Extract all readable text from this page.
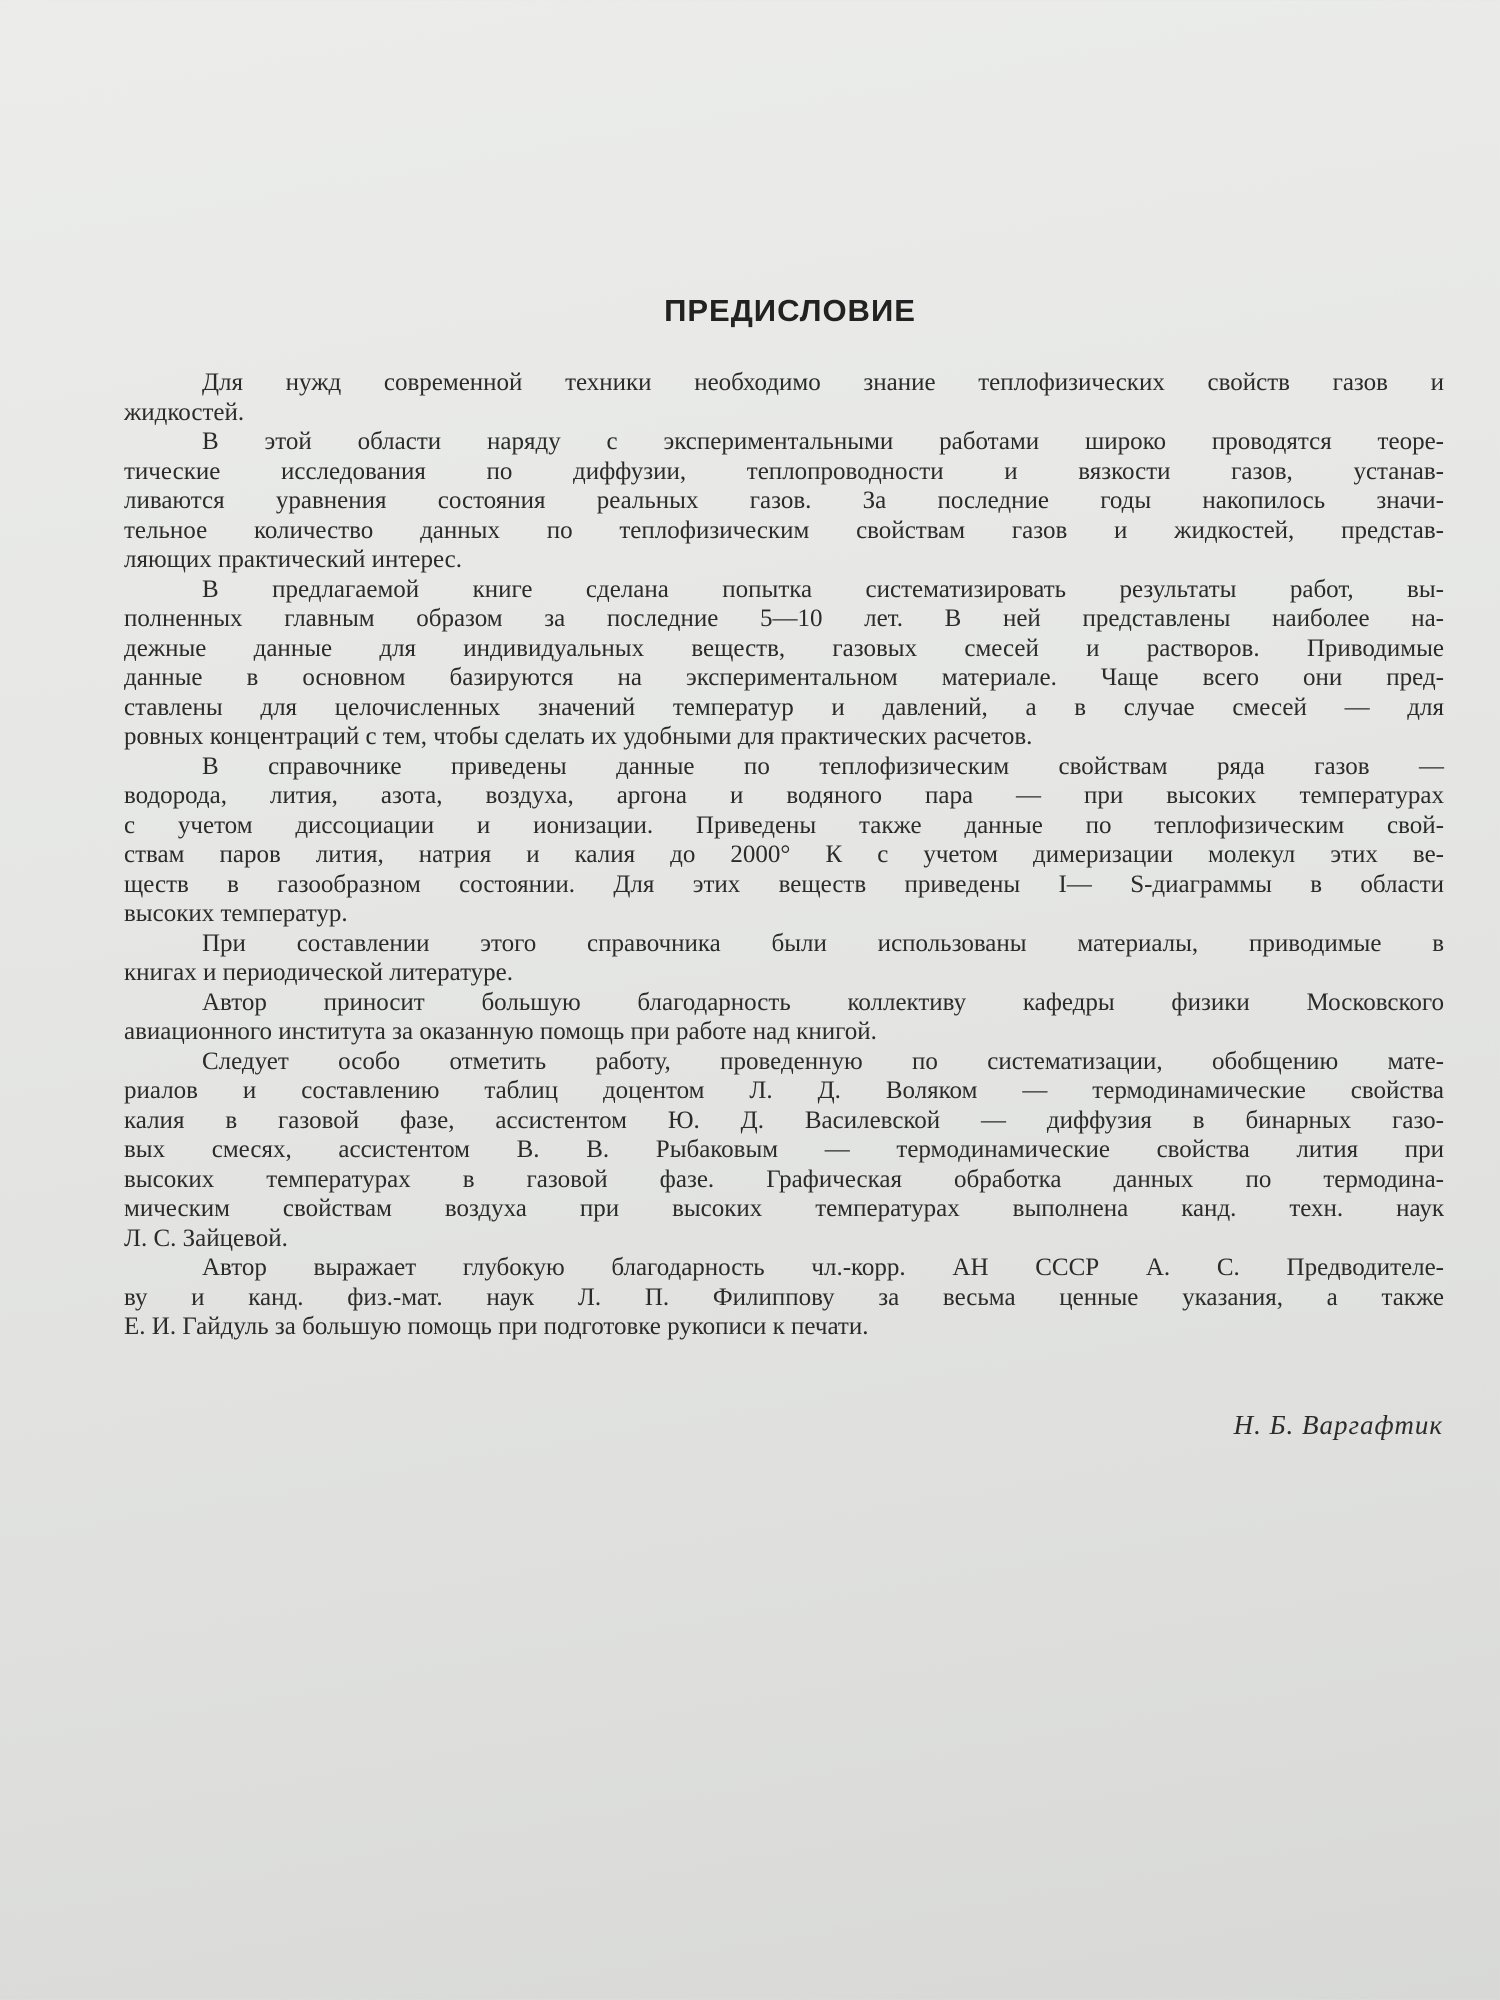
ПРЕДИСЛОВИЕ
Для нужд современной техники необходимо знание теплофизических свойств газов и
жидкостей.
В этой области наряду с экспериментальными работами широко проводятся теоре-
тические исследования по диффузии, теплопроводности и вязкости газов, устанав-
ливаются уравнения состояния реальных газов. За последние годы накопилось значи-
тельное количество данных по теплофизическим свойствам газов и жидкостей, представ-
ляющих практический интерес.
В предлагаемой книге сделана попытка систематизировать результаты работ, вы-
полненных главным образом за последние 5—10 лет. В ней представлены наиболее на-
дежные данные для индивидуальных веществ, газовых смесей и растворов. Приводимые
данные в основном базируются на экспериментальном материале. Чаще всего они пред-
ставлены для целочисленных значений температур и давлений, а в случае смесей — для
ровных концентраций с тем, чтобы сделать их удобными для практических расчетов.
В справочнике приведены данные по теплофизическим свойствам ряда газов —
водорода, лития, азота, воздуха, аргона и водяного пара — при высоких температурах
с учетом диссоциации и ионизации. Приведены также данные по теплофизическим свой-
ствам паров лития, натрия и калия до 2000° К с учетом димеризации молекул этих ве-
ществ в газообразном состоянии. Для этих веществ приведены I— S-диаграммы в области
высоких температур.
При составлении этого справочника были использованы материалы, приводимые в
книгах и периодической литературе.
Автор приносит большую благодарность коллективу кафедры физики Московского
авиационного института за оказанную помощь при работе над книгой.
Следует особо отметить работу, проведенную по систематизации, обобщению мате-
риалов и составлению таблиц доцентом Л. Д. Воляком — термодинамические свойства
калия в газовой фазе, ассистентом Ю. Д. Василевской — диффузия в бинарных газо-
вых смесях, ассистентом В. В. Рыбаковым — термодинамические свойства лития при
высоких температурах в газовой фазе. Графическая обработка данных по термодина-
мическим свойствам воздуха при высоких температурах выполнена канд. техн. наук
Л. С. Зайцевой.
Автор выражает глубокую благодарность чл.-корр. АН СССР А. С. Предводителе-
ву и канд. физ.-мат. наук Л. П. Филиппову за весьма ценные указания, а также
Е. И. Гайдуль за большую помощь при подготовке рукописи к печати.
Н. Б. Варгафтик
